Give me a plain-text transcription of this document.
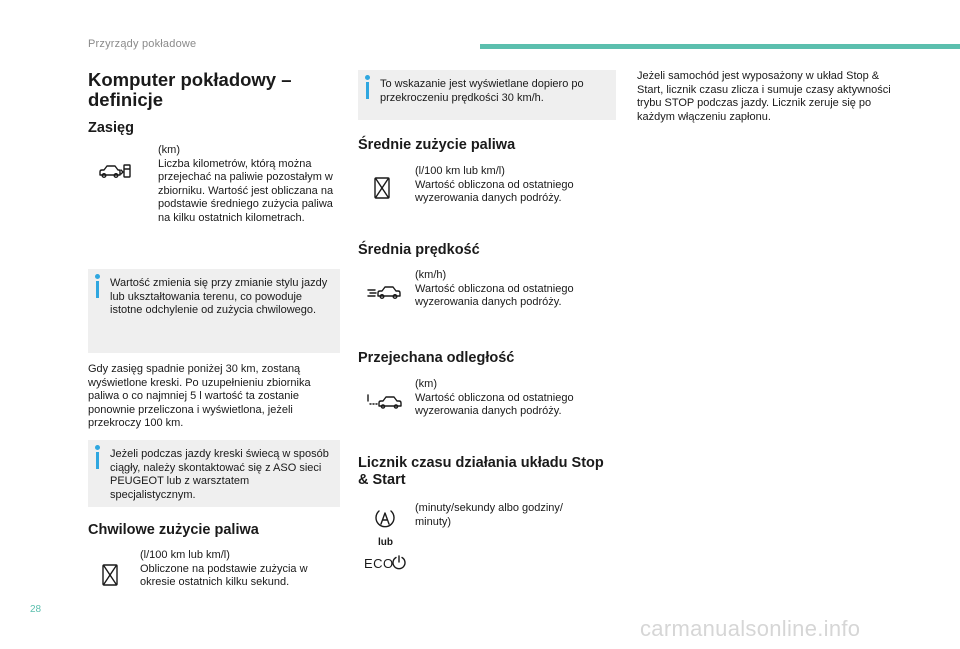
Przyrządy pokładowe
28
Komputer pokładowy – definicje
Zasięg
(km)
Liczba kilometrów, którą można przejechać na paliwie pozostałym w zbiorniku. Wartość jest obliczana na podstawie średniego zużycia paliwa na kilku ostatnich kilometrach.
Wartość zmienia się przy zmianie stylu jazdy lub ukształtowania terenu, co powoduje istotne odchylenie od zużycia chwilowego.
Gdy zasięg spadnie poniżej 30 km, zostaną wyświetlone kreski. Po uzupełnieniu zbiornika paliwa o co najmniej 5 l wartość ta zostanie ponownie przeliczona i wyświetlona, jeżeli przekroczy 100 km.
Jeżeli podczas jazdy kreski świecą w sposób ciągły, należy skontaktować się z ASO sieci PEUGEOT lub z warsztatem specjalistycznym.
Chwilowe zużycie paliwa
(l/100 km lub km/l)
Obliczone na podstawie zużycia w okresie ostatnich kilku sekund.
To wskazanie jest wyświetlane dopiero po przekroczeniu prędkości 30 km/h.
Średnie zużycie paliwa
(l/100 km lub km/l)
Wartość obliczona od ostatniego wyzerowania danych podróży.
Średnia prędkość
(km/h)
Wartość obliczona od ostatniego wyzerowania danych podróży.
Przejechana odległość
(km)
Wartość obliczona od ostatniego wyzerowania danych podróży.
Licznik czasu działania układu Stop & Start
lub
ECO
(minuty/sekundy albo godziny/ minuty)
Jeżeli samochód jest wyposażony w układ Stop & Start, licznik czasu zlicza i sumuje czasy aktywności trybu STOP podczas jazdy. Licznik zeruje się po każdym włączeniu zapłonu.
carmanualsonline.info
